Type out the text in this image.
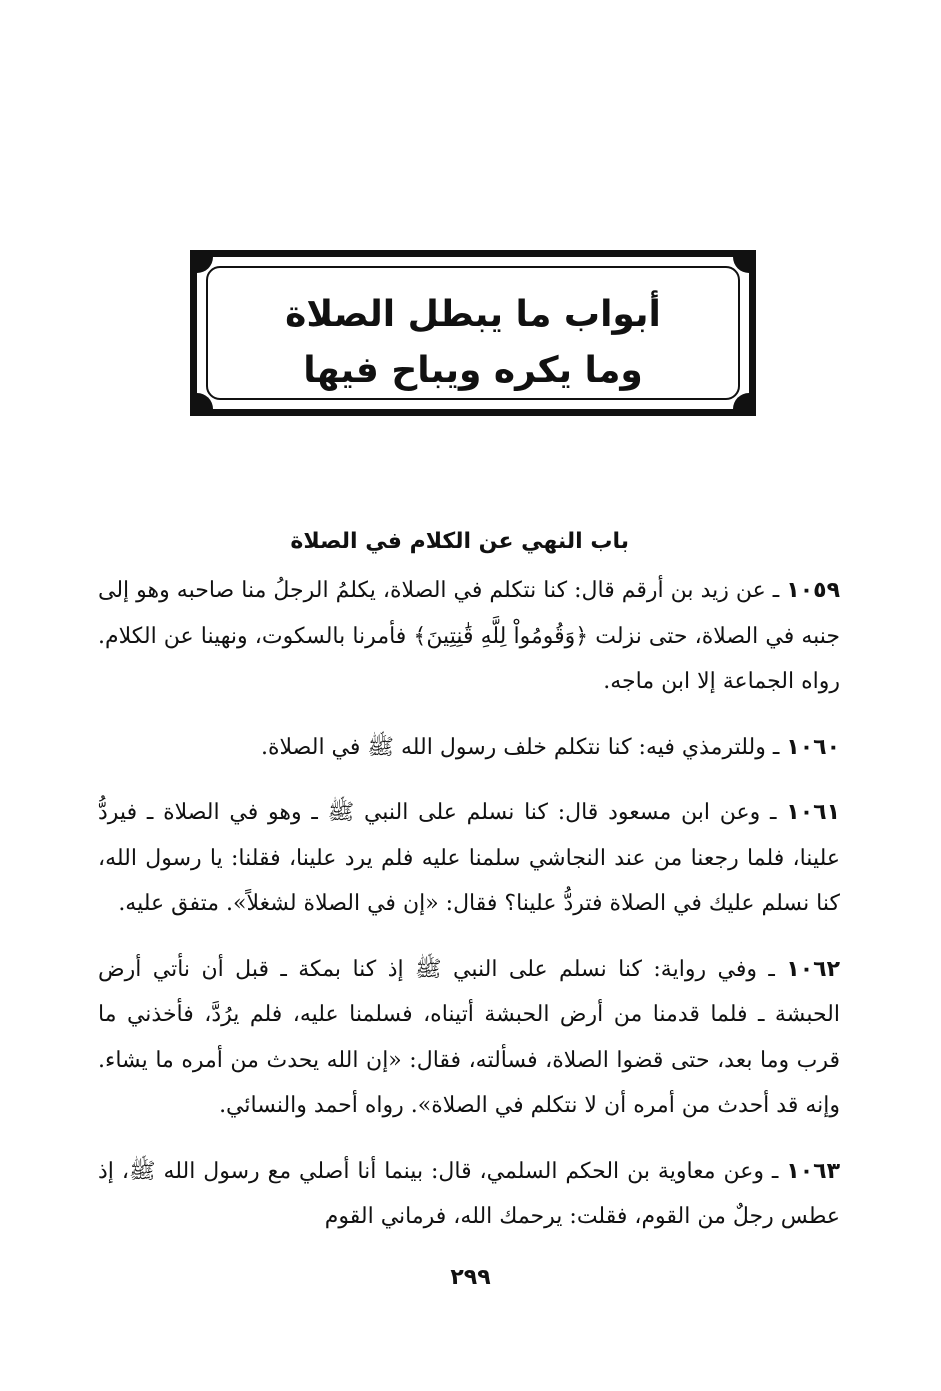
أبواب ما يبطل الصلاة
وما يكره ويباح فيها
باب النهي عن الكلام في الصلاة

١٠٥٩ ـ عن زيد بن أرقم قال: كنا نتكلم في الصلاة، يكلمُ الرجلُ منا صاحبه وهو إلى جنبه في الصلاة، حتى نزلت ﴿وَقُومُواْ لِلَّهِ قَٰنِتِينَ﴾ فأمرنا بالسكوت، ونهينا عن الكلام. رواه الجماعة إلا ابن ماجه.

١٠٦٠ ـ وللترمذي فيه: كنا نتكلم خلف رسول الله ﷺ في الصلاة.

١٠٦١ ـ وعن ابن مسعود قال: كنا نسلم على النبي ﷺ ـ وهو في الصلاة ـ فيردُّ علينا، فلما رجعنا من عند النجاشي سلمنا عليه فلم يرد علينا، فقلنا: يا رسول الله، كنا نسلم عليك في الصلاة فتردُّ علينا؟ فقال: «إن في الصلاة لشغلاً». متفق عليه.

١٠٦٢ ـ وفي رواية: كنا نسلم على النبي ﷺ إذ كنا بمكة ـ قبل أن نأتي أرض الحبشة ـ فلما قدمنا من أرض الحبشة أتيناه، فسلمنا عليه، فلم يرُدَّ، فأخذني ما قرب وما بعد، حتى قضوا الصلاة، فسألته، فقال: «إن الله يحدث من أمره ما يشاء. وإنه قد أحدث من أمره أن لا نتكلم في الصلاة». رواه أحمد والنسائي.

١٠٦٣ ـ وعن معاوية بن الحكم السلمي، قال: بينما أنا أصلي مع رسول الله ﷺ، إذ عطس رجلٌ من القوم، فقلت: يرحمك الله، فرماني القوم

٢٩٩
